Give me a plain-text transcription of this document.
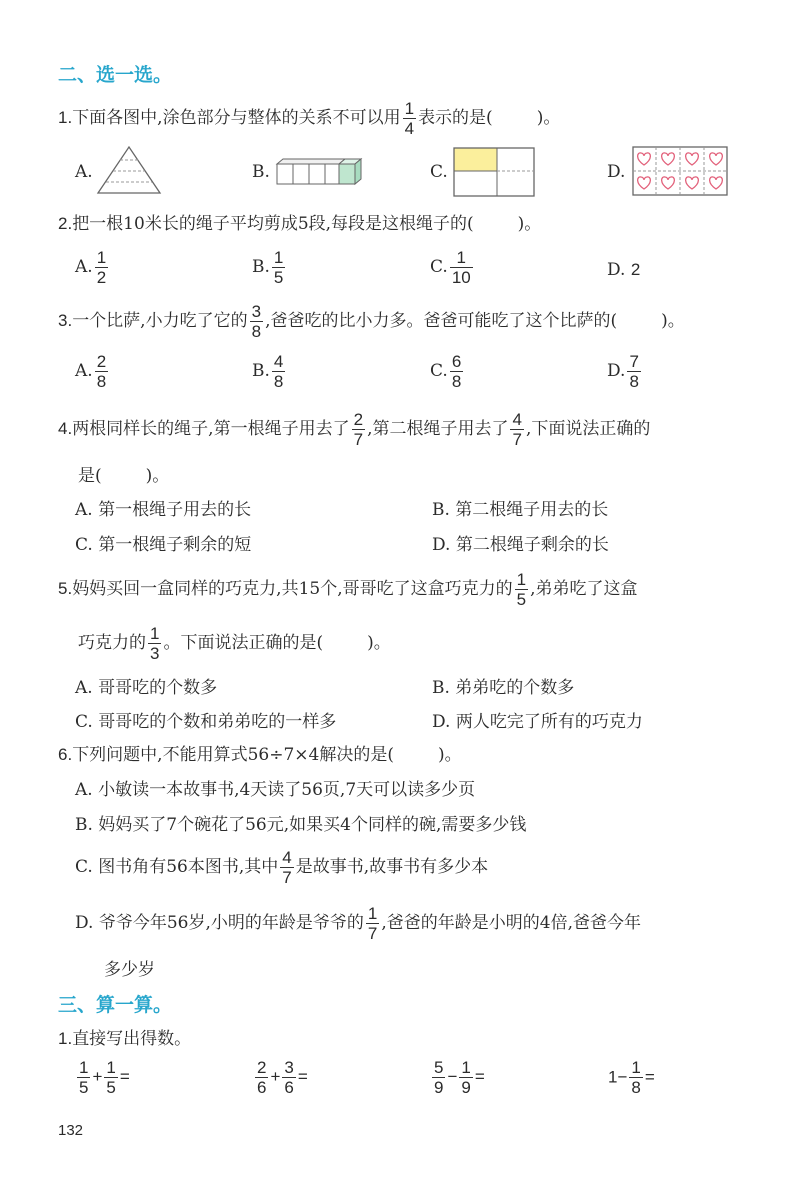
二、选一选。
1.下面各图中,涂色部分与整体的关系不可以用 $\frac{1}{4}$ 表示的是(	)。
A.	B.	C.	D.
2.把一根10米长的绳子平均剪成5段,每段是这根绳子的(	)。
A. $\frac{1}{2}$	B. $\frac{1}{5}$	C. $\frac{1}{10}$	D. 2
3.一个比萨,小力吃了它的 $\frac{3}{8}$ ,爸爸吃的比小力多。爸爸可能吃了这个比萨的(	)。
A. $\frac{2}{8}$	B. $\frac{4}{8}$	C. $\frac{6}{8}$	D. $\frac{7}{8}$
4.两根同样长的绳子,第一根绳子用去了 $\frac{2}{7}$ ,第二根绳子用去了 $\frac{4}{7}$ ,下面说法正确的
是(	)。
A. 第一根绳子用去的长	B. 第二根绳子用去的长
C. 第一根绳子剩余的短	D. 第二根绳子剩余的长
5.妈妈买回一盒同样的巧克力,共15个,哥哥吃了这盒巧克力的 $\frac{1}{5}$ ,弟弟吃了这盒
巧克力的 $\frac{1}{3}$ 。下面说法正确的是(	)。
A. 哥哥吃的个数多	B. 弟弟吃的个数多
C. 哥哥吃的个数和弟弟吃的一样多	D. 两人吃完了所有的巧克力
6.下列问题中,不能用算式56÷7×4解决的是(	)。
A. 小敏读一本故事书,4天读了56页,7天可以读多少页
B. 妈妈买了7个碗花了56元,如果买4个同样的碗,需要多少钱
C. 图书角有56本图书,其中 $\frac{4}{7}$ 是故事书,故事书有多少本
D. 爷爷今年56岁,小明的年龄是爷爷的 $\frac{1}{7}$ ,爸爸的年龄是小明的4倍,爸爸今年
多少岁
三、算一算。
1.直接写出得数。
$\frac{1}{5} + \frac{1}{5}$ =	$\frac{2}{6} + \frac{3}{6}$ =	$\frac{5}{9} - \frac{1}{9}$ =	$1- \frac{1}{8}$ =
132
